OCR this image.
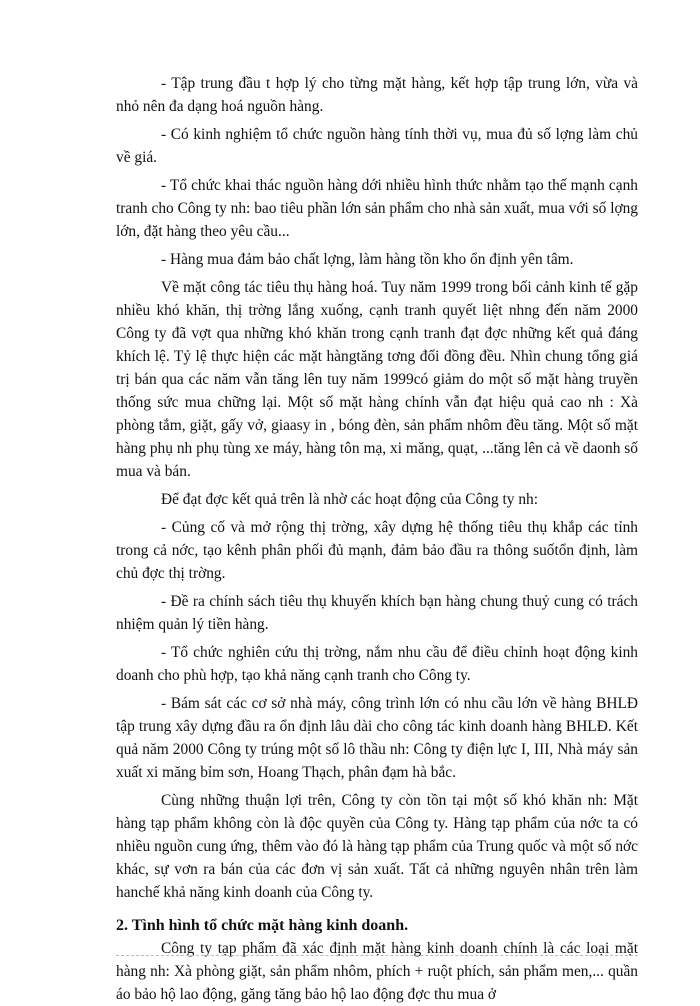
- Tập trung đầu t hợp lý cho từng mặt hàng, kết hợp tập trung lớn, vừa và nhỏ nên đa dạng hoá nguồn hàng.

- Có kinh nghiệm tổ chức nguồn hàng tính thời vụ, mua đủ số lợng làm chủ về giá.

- Tổ chức khai thác nguồn hàng dới nhiều hình thức nhằm tạo thế mạnh cạnh tranh cho Công ty nh: bao tiêu phần lớn sản phẩm cho nhà sản xuất, mua với số lợng lớn, đặt hàng theo yêu cầu...

- Hàng mua đảm bảo chất lợng, làm hàng tồn kho ổn định yên tâm.

Về mặt công tác tiêu thụ hàng hoá. Tuy năm 1999 trong bối cảnh kinh tế gặp nhiều khó khăn, thị trờng lắng xuống, cạnh tranh quyết liệt nhng đến năm 2000 Công ty đã vợt qua những khó khăn trong cạnh tranh đạt đợc những kết quả đáng khích lệ. Tỷ lệ thực hiện các mặt hàngtăng tơng đối đồng đều. Nhìn chung tổng giá trị bán qua các năm vẫn tăng lên tuy năm 1999có giảm do một số mặt hàng truyền thống sức mua chững lại. Một số mặt hàng chính vẫn đạt hiệu quả cao nh : Xà phòng tắm, giặt, gấy vở, giaasy in , bóng đèn, sản phẩm nhôm đều tăng. Một số mặt hàng phụ nh phụ tùng xe máy, hàng tôn mạ, xi măng, quạt, ...tăng lên cả về daonh số mua và bán.

Để đạt đợc kết quả trên là nhờ các hoạt động của Công ty nh:

- Củng cố và mở rộng thị trờng, xây dựng hệ thống tiêu thụ khắp các tỉnh trong cả nớc, tạo kênh phân phối đủ mạnh, đảm bảo đầu ra thông suốtổn định, làm chủ đợc thị trờng.

- Đề ra chính sách tiêu thụ khuyến khích bạn hàng chung thuỷ cung có trách nhiệm quản lý tiền hàng.

- Tổ chức nghiên cứu thị trờng, nắm nhu cầu để điều chỉnh hoạt động kinh doanh cho phù hợp, tạo khả năng cạnh tranh cho Công ty.

- Bám sát các cơ sở nhà máy, công trình lớn có nhu cầu lớn về hàng BHLĐ tập trung xây dựng đầu ra ổn định lâu dài cho công tác kinh doanh hàng BHLĐ. Kết quả năm 2000 Công ty trúng một số lô thầu nh: Công ty điện lực I, III, Nhà máy sản xuất xi măng bỉm sơn, Hoang Thạch, phân đạm hà bắc.

Cùng những thuận lợi trên, Công ty còn tồn tại một số khó khăn nh: Mặt hàng tạp phẩm không còn là độc quyền của Công ty. Hàng tạp phẩm của nớc ta có nhiều nguồn cung ứng, thêm vào đó là hàng tạp phẩm của Trung quốc và một số nớc khác, sự vơn ra bán của các đơn vị sản xuất. Tất cả những nguyên nhân trên làm hanchế khả năng kinh doanh của Công ty.

2. Tình hình tổ chức mặt hàng kinh doanh.

Công ty tạp phẩm đã xác định mặt hàng kinh doanh chính là các loại mặt hàng nh: Xà phòng giặt, sản phẩm nhôm, phích + ruột phích, sản phẩm men,... quần áo bảo hộ lao động, găng tăng bảo hộ lao động đợc thu mua ở
